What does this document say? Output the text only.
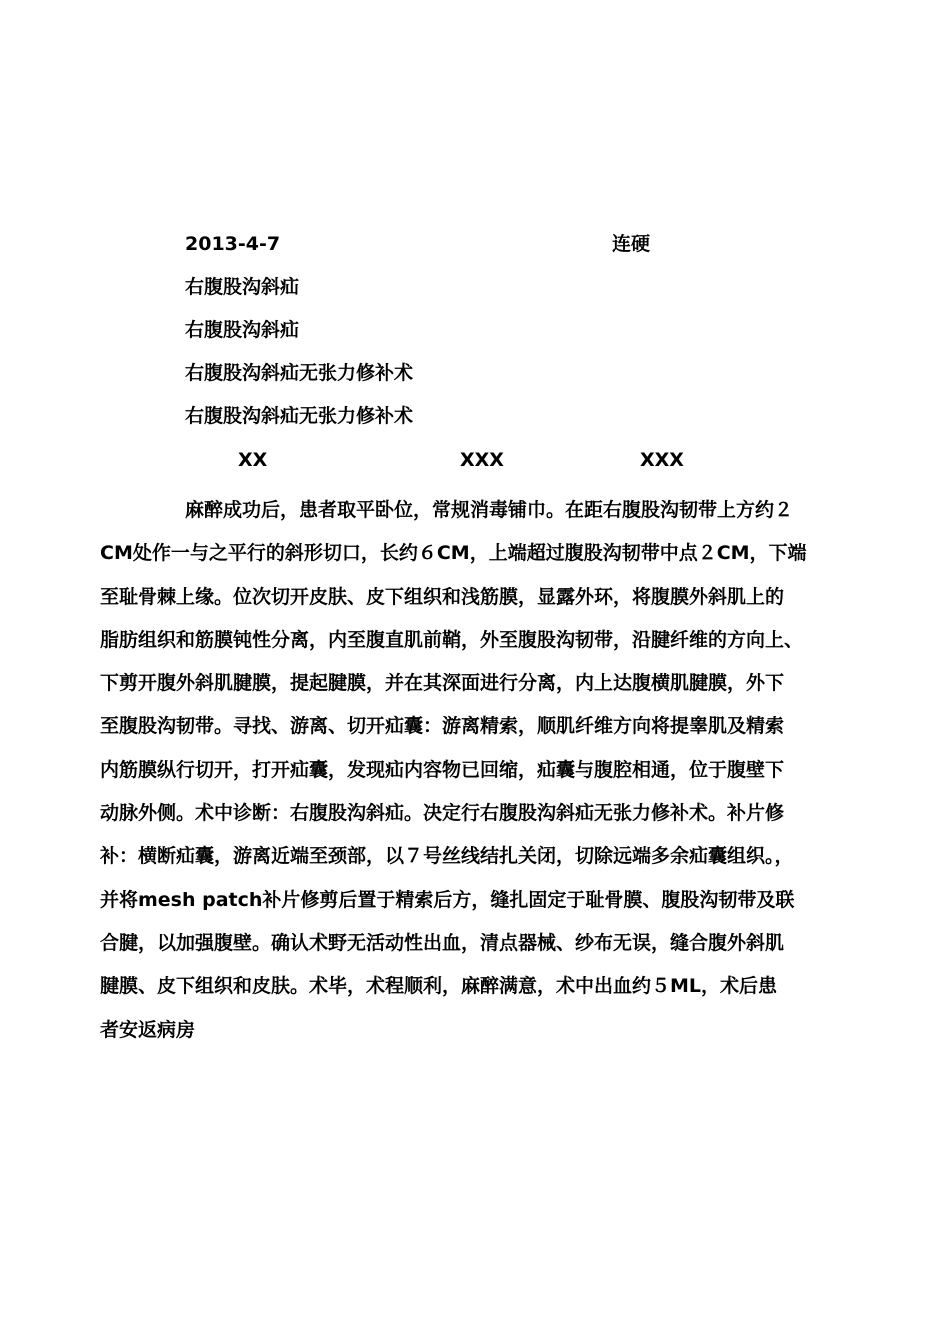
2013-4-7	连硬
右腹股沟斜疝
右腹股沟斜疝
右腹股沟斜疝无张力修补术
右腹股沟斜疝无张力修补术
XX	XXX	XXX
麻醉成功后，患者取平卧位，常规消毒铺巾。在距右腹股沟韧带上方约２
CM处作一与之平行的斜形切口，长约６CM，上端超过腹股沟韧带中点２CM，下端
至耻骨棘上缘。位次切开皮肤、皮下组织和浅筋膜，显露外环，将腹膜外斜肌上的
脂肪组织和筋膜钝性分离，内至腹直肌前鞘，外至腹股沟韧带，沿腱纤维的方向上、
下剪开腹外斜肌腱膜，提起腱膜，并在其深面进行分离，内上达腹横肌腱膜，外下
至腹股沟韧带。寻找、游离、切开疝囊：游离精索，顺肌纤维方向将提睾肌及精索
内筋膜纵行切开，打开疝囊，发现疝内容物已回缩，疝囊与腹腔相通，位于腹壁下
动脉外侧。术中诊断：右腹股沟斜疝。决定行右腹股沟斜疝无张力修补术。补片修
补：横断疝囊，游离近端至颈部，以７号丝线结扎关闭，切除远端多余疝囊组织。，
并将mesh patch补片修剪后置于精索后方，缝扎固定于耻骨膜、腹股沟韧带及联
合腱，以加强腹壁。确认术野无活动性出血，清点器械、纱布无误，缝合腹外斜肌
腱膜、皮下组织和皮肤。术毕，术程顺利，麻醉满意，术中出血约５ML，术后患
者安返病房
